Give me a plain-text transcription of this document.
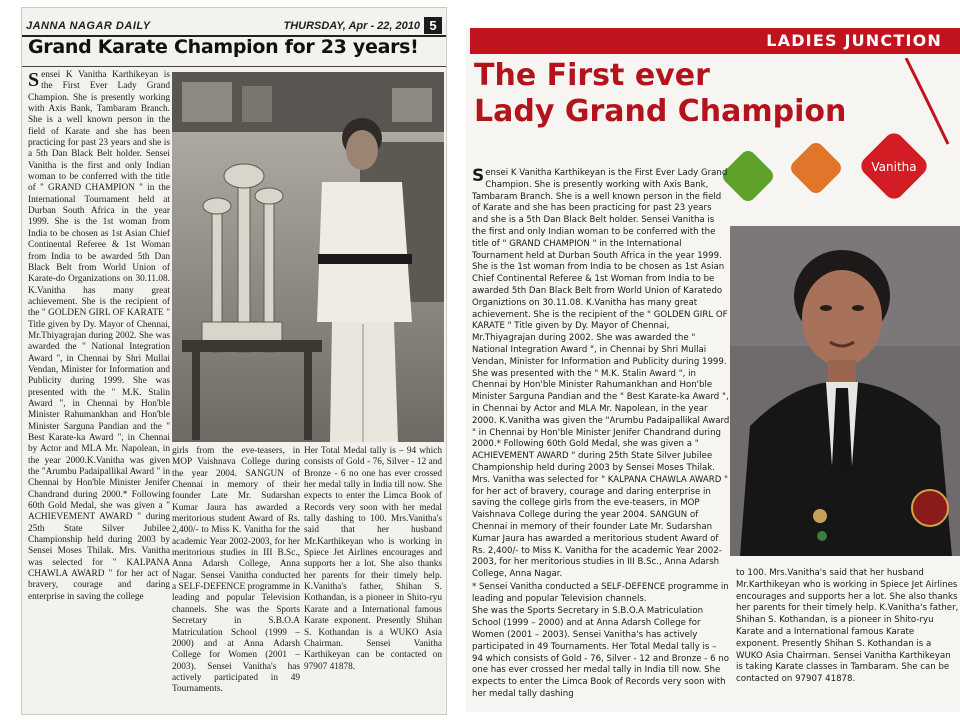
JANNA NAGAR DAILY	THURSDAY, Apr - 22, 2010 5
Grand Karate Champion for 23 years!

Sensei K Vanitha Karthikeyan is the First Ever Lady Grand Champion. She is presently working with Axis Bank, Tambaram Branch. She is a well known person in the field of Karate and she has been practicing for past 23 years and she is a 5th Dan Black Belt holder. Sensei Vanitha is the first and only Indian woman to be conferred with the title of " GRAND CHAMPION " in the International Tournament held at Durban South Africa in the year 1999. She is the 1st woman from India to be chosen as 1st Asian Chief Continental Referee & 1st Woman from India to be awarded 5th Dan Black Belt from World Union of Karate-do Organizations on 30.11.08. K.Vanitha has many great achievement. She is the recipient of the " GOLDEN GIRL OF KARATE " Title given by Dy. Mayor of Chennai, Mr.Thiyagrajan during 2002. She was awarded the " National Integration Award ", in Chennai by Shri Mullai Vendan, Minister for Information and Publicity during 1999. She was presented with the " M.K. Stalin Award ", in Chennai by Hon'ble Minister Rahumankhan and Hon'ble Minister Sarguna Pandian and the " Best Karate-ka Award ", in Chennai by Actor and MLA Mr. Napolean, in the year 2000.K.Vanitha was given the "Arumbu Padaipallikal Award " in Chennai by Hon'ble Minister Jenifer Chandrand during 2000.* Following 60th Gold Medal, she was given a " ACHIEVEMENT AWARD " during 25th State Silver Jubilee Championship held during 2003 by Sensei Moses Thilak. Mrs. Vanitha was selected for " KALPANA CHAWLA AWARD " for her act of bravery, courage and daring enterprise in saving the college

girls from the eve-teasers, in MOP Vaishnava College during the year 2004. SANGUN of Chennai in memory of their founder Late Mr. Sudarshan Kumar Jaura has awarded a meritorious student Award of Rs. 2,400/- to Miss K. Vanitha for the academic Year 2002-2003, for her meritorious studies in III B.Sc., Anna Adarsh College, Anna Nagar. Sensei Vanitha conducted a SELF-DEFENCE programme in leading and popular Television channels. She was the Sports Secretary in S.B.O.A Matriculation School (1999 – 2000) and at Anna Adarsh College for Women (2001 – 2003). Sensei Vanitha's has actively participated in 49 Tournaments.

Her Total Medal tally is – 94 which consists of Gold - 76, Silver - 12 and Bronze - 6 no one has ever crossed her medal tally in India till now. She expects to enter the Limca Book of Records very soon with her medal tally dashing to 100. Mrs.Vanitha's said that her husband Mr.Karthikeyan who is working in Spiece Jet Airlines encourages and supports her a lot. She also thanks her parents for their timely help. K.Vanitha's father, Shihan S. Kothandan, is a pioneer in Shito-ryu Karate and a International famous Karate exponent. Presently Shihan S. Kothandan is a WUKO Asia Chairman. Sensei Vanitha Karthikeyan can be contacted on 97907 41878.

LADIES JUNCTION
The First ever
Lady Grand Champion
Vanitha

Sensei K Vanitha Karthikeyan is the First Ever Lady Grand Champion. She is presently working with Axis Bank, Tambaram Branch. She is a well known person in the field of Karate and she has been practicing for past 23 years and she is a 5th Dan Black Belt holder. Sensei Vanitha is the first and only Indian woman to be conferred with the title of " GRAND CHAMPION " in the International Tournament held at Durban South Africa in the year 1999. She is the 1st woman from India to be chosen as 1st Asian Chief Continental Referee & 1st Woman from India to be awarded 5th Dan Black Belt from World Union of Karatedo Organiztions on 30.11.08. K.Vanitha has many great achievement. She is the recipient of the " GOLDEN GIRL OF KARATE " Title given by Dy. Mayor of Chennai, Mr.Thiyagrajan during 2002. She was awarded the " National Integration Award ", in Chennai by Shri Mullai Vendan, Minister for Information and Publicity during 1999. She was presented with the " M.K. Stalin Award ", in Chennai by Hon'ble Minister Rahumankhan and Hon'ble Minister Sarguna Pandian and the " Best Karate-ka Award ", in Chennai by Actor and MLA Mr. Napolean, in the year 2000. K.Vanitha was given the "Arumbu Padaipallikal Award " in Chennai by Hon'ble Minister Jenifer Chandrand during 2000.* Following 60th Gold Medal, she was given a " ACHIEVEMENT AWARD " during 25th State Silver Jubilee Championship held during 2003 by Sensei Moses Thilak. Mrs. Vanitha was selected for " KALPANA CHAWLA AWARD " for her act of bravery, courage and daring enterprise in saving the college girls from the eve-teasers, in MOP Vaishnava College during the year 2004. SANGUN of Chennai in memory of their founder Late Mr. Sudarshan Kumar Jaura has awarded a meritorious student Award of Rs. 2,400/- to Miss K. Vanitha for the academic Year 2002-2003, for her meritorious studies in III B.Sc., Anna Adarsh College, Anna Nagar.

* Sensei Vanitha conducted a SELF-DEFENCE programme in leading and popular Television channels.

She was the Sports Secretary in S.B.O.A Matriculation School (1999 – 2000) and at Anna Adarsh College for Women (2001 – 2003). Sensei Vanitha's has actively participated in 49 Tournaments. Her Total Medal tally is – 94 which consists of Gold - 76, Silver - 12 and Bronze - 6 no one has ever crossed her medal tally in India till now. She expects to enter the Limca Book of Records very soon with her medal tally dashing

to 100. Mrs.Vanitha's said that her husband Mr.Karthikeyan who is working in Spiece Jet Airlines encourages and supports her a lot. She also thanks her parents for their timely help. K.Vanitha's father, Shihan S. Kothandan, is a pioneer in Shito-ryu Karate and a International famous Karate exponent. Presently Shihan S. Kothandan is a WUKO Asia Chairman. Sensei Vanitha Karthikeyan is taking Karate classes in Tambaram. She can be contacted on 97907 41878.
